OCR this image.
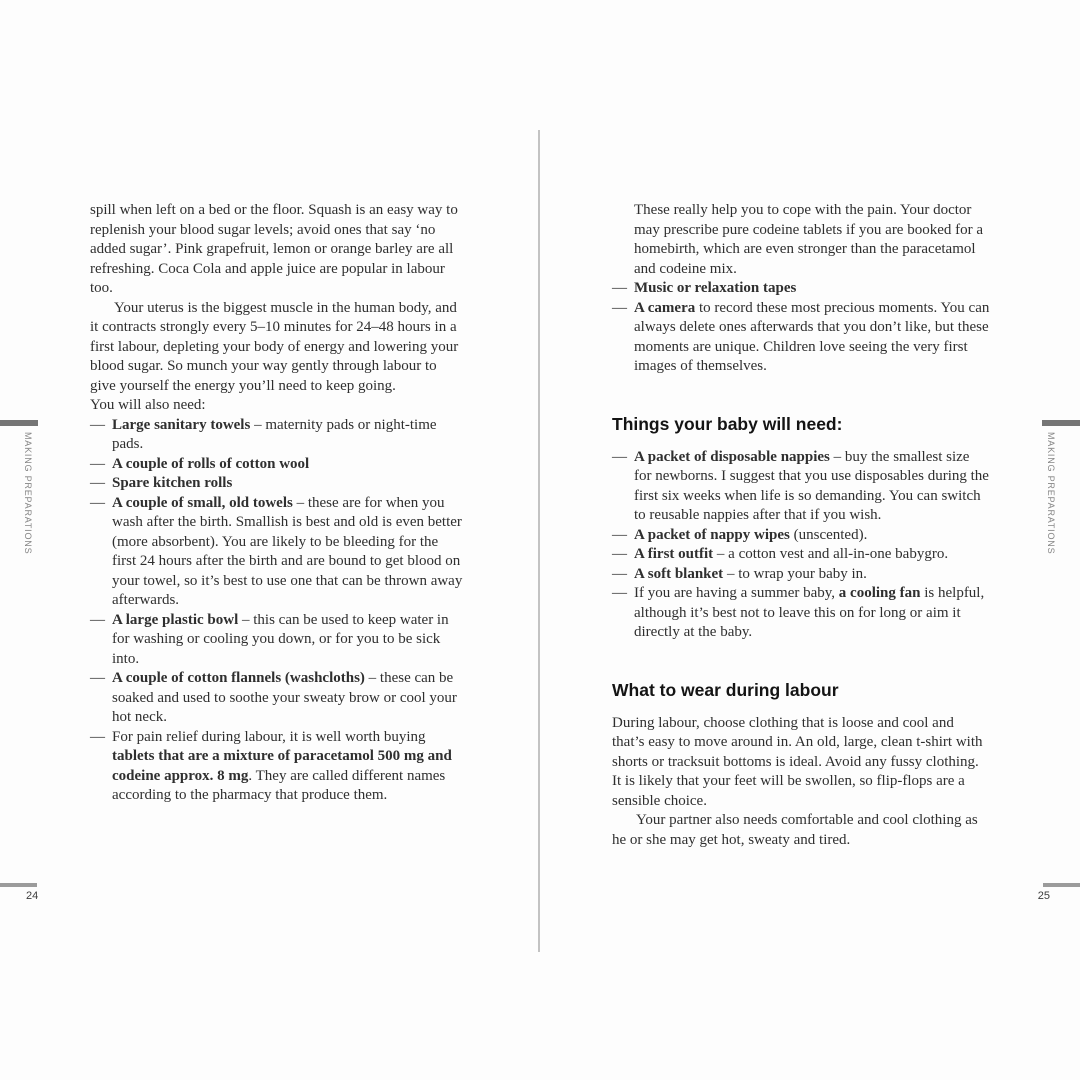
MAKING PREPARATIONS
24
MAKING PREPARATIONS
25

spill when left on a bed or the floor. Squash is an easy way to replenish your blood sugar levels; avoid ones that say ‘no added sugar’. Pink grapefruit, lemon or orange barley are all refreshing. Coca Cola and apple juice are popular in labour too.

Your uterus is the biggest muscle in the human body, and it contracts strongly every 5–10 minutes for 24–48 hours in a first labour, depleting your body of energy and lowering your blood sugar. So munch your way gently through labour to give yourself the energy you’ll need to keep going.

You will also need:

— Large sanitary towels – maternity pads or night-time pads.
— A couple of rolls of cotton wool
— Spare kitchen rolls
— A couple of small, old towels – these are for when you wash after the birth. Smallish is best and old is even better (more absorbent). You are likely to be bleeding for the first 24 hours after the birth and are bound to get blood on your towel, so it’s best to use one that can be thrown away afterwards.
— A large plastic bowl – this can be used to keep water in for washing or cooling you down, or for you to be sick into.
— A couple of cotton flannels (washcloths) – these can be soaked and used to soothe your sweaty brow or cool your hot neck.
— For pain relief during labour, it is well worth buying tablets that are a mixture of paracetamol 500 mg and codeine approx. 8 mg. They are called different names according to the pharmacy that produce them.
These really help you to cope with the pain. Your doctor may prescribe pure codeine tablets if you are booked for a homebirth, which are even stronger than the paracetamol and codeine mix.
— Music or relaxation tapes
— A camera to record these most precious moments. You can always delete ones afterwards that you don’t like, but these moments are unique. Children love seeing the very first images of themselves.
Things your baby will need:
— A packet of disposable nappies – buy the smallest size for newborns. I suggest that you use disposables during the first six weeks when life is so demanding. You can switch to reusable nappies after that if you wish.
— A packet of nappy wipes (unscented).
— A first outfit – a cotton vest and all-in-one babygro.
— A soft blanket – to wrap your baby in.
— If you are having a summer baby, a cooling fan is helpful, although it’s best not to leave this on for long or aim it directly at the baby.
What to wear during labour

During labour, choose clothing that is loose and cool and that’s easy to move around in. An old, large, clean t-shirt with shorts or tracksuit bottoms is ideal. Avoid any fussy clothing. It is likely that your feet will be swollen, so flip-flops are a sensible choice.

Your partner also needs comfortable and cool clothing as he or she may get hot, sweaty and tired.
